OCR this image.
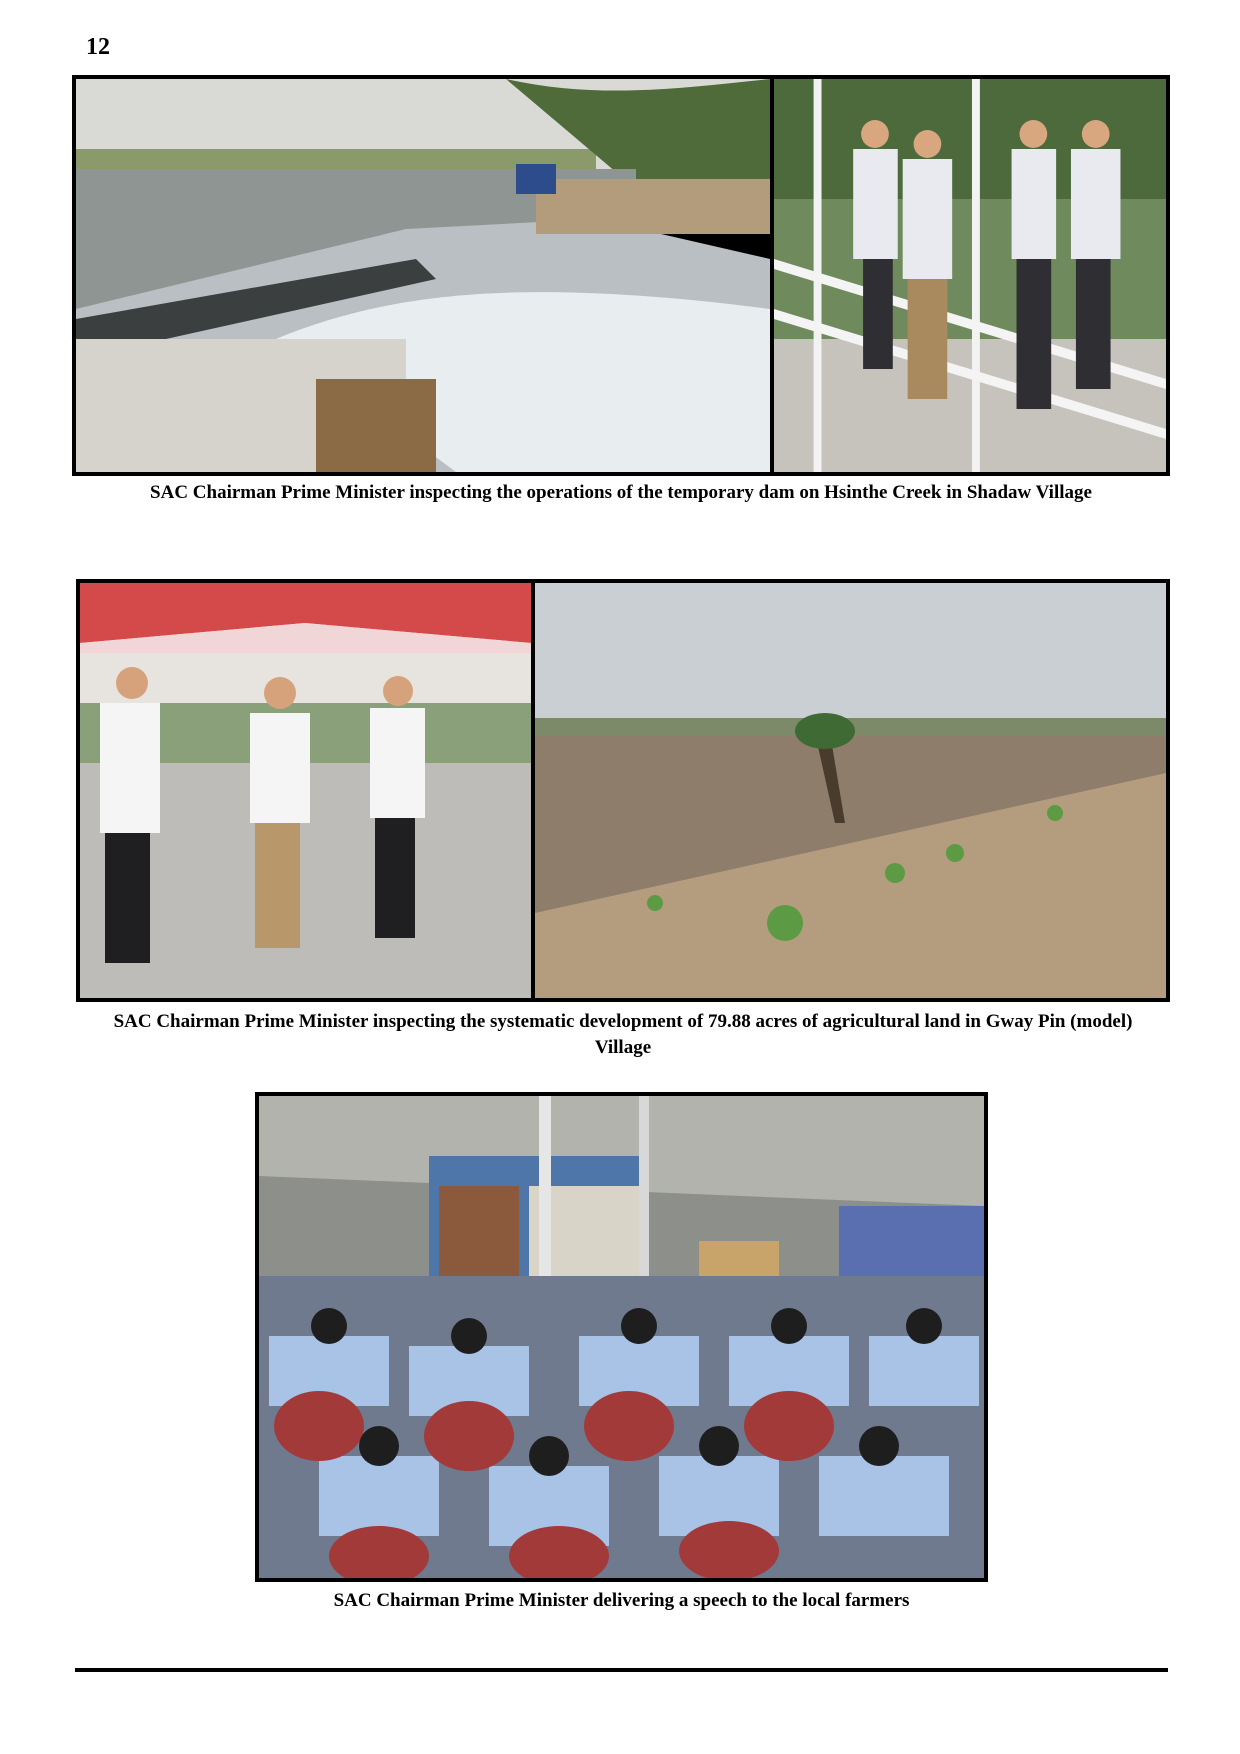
12
SAC Chairman Prime Minister inspecting the operations of the temporary dam on Hsinthe Creek in Shadaw Village
SAC Chairman Prime Minister inspecting the systematic development of 79.88 acres of agricultural land in Gway Pin (model) Village
SAC Chairman Prime Minister delivering a speech to the local farmers
